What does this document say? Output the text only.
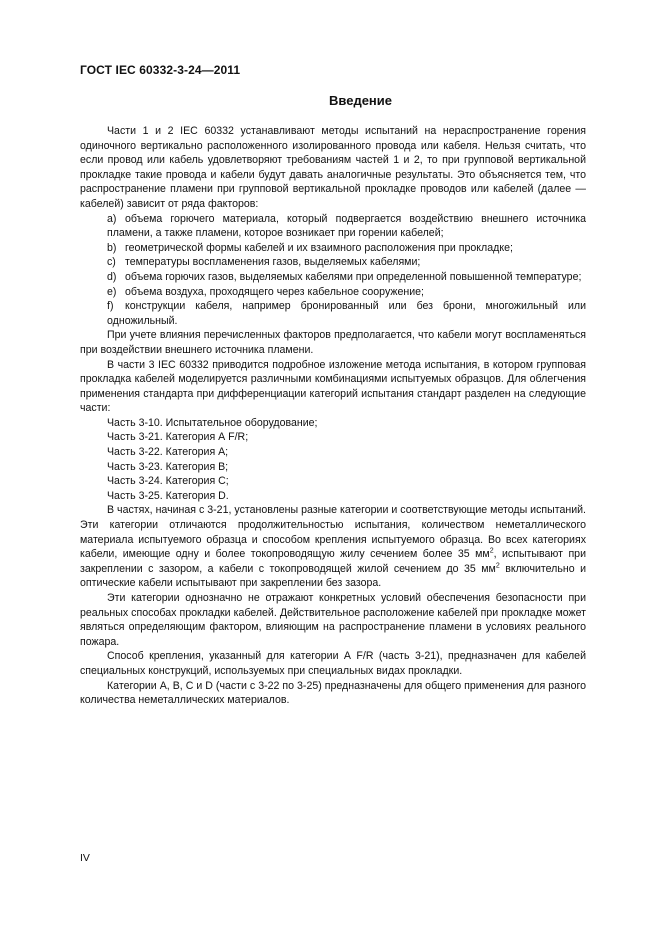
ГОСТ IEC 60332-3-24—2011
Введение

Части 1 и 2 IEC 60332 устанавливают методы испытаний на нераспространение горения одиночного вертикально расположенного изолированного провода или кабеля. Нельзя считать, что если провод или кабель удовлетворяют требованиям частей 1 и 2, то при групповой вертикальной прокладке такие провода и кабели будут давать аналогичные результаты. Это объясняется тем, что распространение пламени при групповой вертикальной прокладке проводов или кабелей (далее — кабелей) зависит от ряда факторов:

a) объема горючего материала, который подвергается воздействию внешнего источника пламени, а также пламени, которое возникает при горении кабелей;

b) геометрической формы кабелей и их взаимного расположения при прокладке;

c) температуры воспламенения газов, выделяемых кабелями;

d) объема горючих газов, выделяемых кабелями при определенной повышенной температуре;

e) объема воздуха, проходящего через кабельное сооружение;

f) конструкции кабеля, например бронированный или без брони, многожильный или одножильный.

При учете влияния перечисленных факторов предполагается, что кабели могут воспламеняться при воздействии внешнего источника пламени.

В части 3 IEC 60332 приводится подробное изложение метода испытания, в котором групповая прокладка кабелей моделируется различными комбинациями испытуемых образцов. Для облегчения применения стандарта при дифференциации категорий испытания стандарт разделен на следующие части:

Часть 3-10. Испытательное оборудование;

Часть 3-21. Категория А F/R;

Часть 3-22. Категория А;

Часть 3-23. Категория В;

Часть 3-24. Категория С;

Часть 3-25. Категория D.

В частях, начиная с 3-21, установлены разные категории и соответствующие методы испытаний. Эти категории отличаются продолжительностью испытания, количеством неметаллического материала испытуемого образца и способом крепления испытуемого образца. Во всех категориях кабели, имеющие одну и более токопроводящую жилу сечением более 35 $мм^2$, испытывают при закреплении с зазором, а кабели с токопроводящей жилой сечением до 35 $мм^2$ включительно и оптические кабели испытывают при закреплении без зазора.

Эти категории однозначно не отражают конкретных условий обеспечения безопасности при реальных способах прокладки кабелей. Действительное расположение кабелей при прокладке может являться определяющим фактором, влияющим на распространение пламени в условиях реального пожара.

Способ крепления, указанный для категории А F/R (часть 3-21), предназначен для кабелей специальных конструкций, используемых при специальных видах прокладки.

Категории А, В, С и D (части с 3-22 по 3-25) предназначены для общего применения для разного количества неметаллических материалов.

IV
